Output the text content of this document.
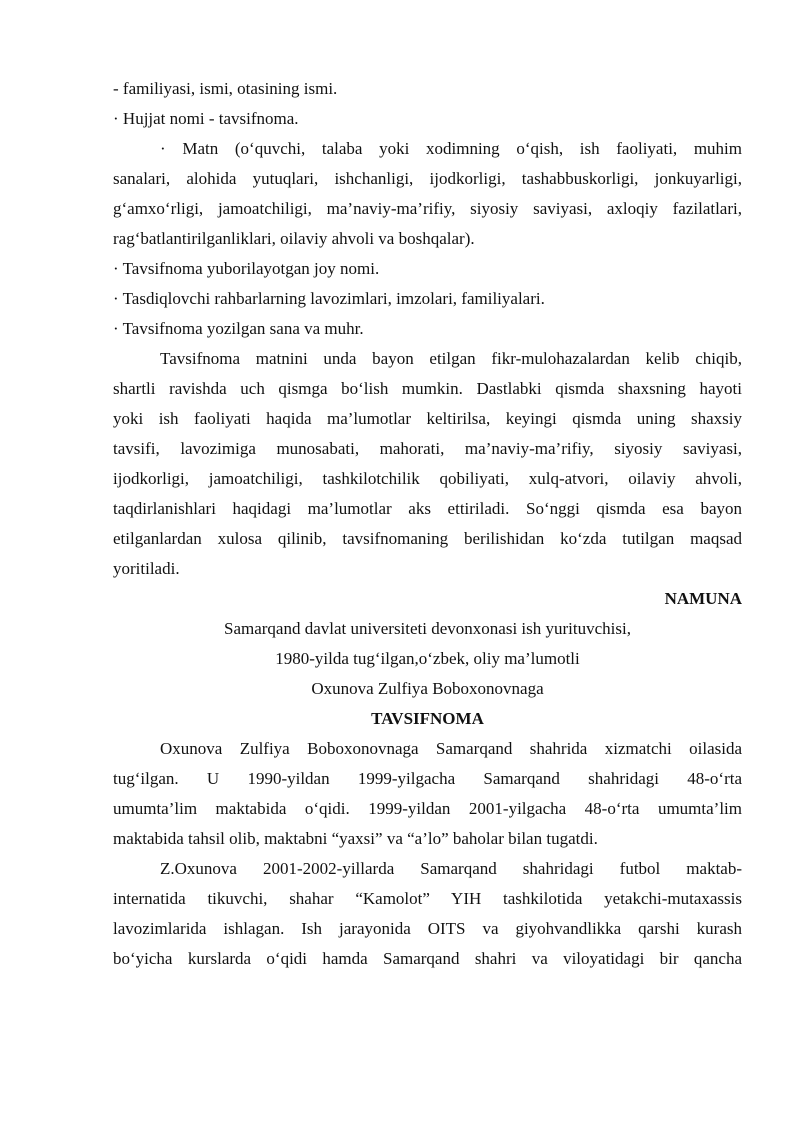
- familiyasi, ismi, otasining ismi.
· Hujjat nomi - tavsifnoma.
· Matn (o‘quvchi, talaba yoki xodimning o‘qish, ish faoliyati, muhim
sanalari, alohida yutuqlari, ishchanligi, ijodkorligi, tashabbuskorligi, jonkuyarligi,
g‘amxo‘rligi, jamoatchiligi, ma’naviy-ma’rifiy, siyosiy saviyasi, axloqiy fazilatlari,
rag‘batlantirilganliklari, oilaviy ahvoli va boshqalar).
· Tavsifnoma yuborilayotgan joy nomi.
· Tasdiqlovchi rahbarlarning lavozimlari, imzolari, familiyalari.
· Tavsifnoma yozilgan sana va muhr.
Tavsifnoma matnini unda bayon etilgan fikr-mulohazalardan kelib chiqib,
shartli ravishda uch qismga bo‘lish mumkin. Dastlabki qismda shaxsning hayoti
yoki ish faoliyati haqida ma’lumotlar keltirilsa, keyingi qismda uning shaxsiy
tavsifi, lavozimiga munosabati, mahorati, ma’naviy-ma’rifiy, siyosiy saviyasi,
ijodkorligi, jamoatchiligi, tashkilotchilik qobiliyati, xulq-atvori, oilaviy ahvoli,
taqdirlanishlari haqidagi ma’lumotlar aks ettiriladi. So‘nggi qismda esa bayon
etilganlardan xulosa qilinib, tavsifnomaning berilishidan ko‘zda tutilgan maqsad
yoritiladi.
NAMUNA
Samarqand davlat universiteti devonxonasi ish yurituvchisi,
1980-yilda tug‘ilgan,o‘zbek, oliy ma’lumotli
Oxunova Zulfiya Boboxonovnaga
TAVSIFNOMA
Oxunova Zulfiya Boboxonovnaga Samarqand shahrida xizmatchi oilasida
tug‘ilgan. U 1990-yildan 1999-yilgacha Samarqand shahridagi 48-o‘rta
umumta’lim maktabida o‘qidi. 1999-yildan 2001-yilgacha 48-o‘rta umumta’lim
maktabida tahsil olib, maktabni “yaxsi” va “a’lo” baholar bilan tugatdi.
Z.Oxunova 2001-2002-yillarda Samarqand shahridagi futbol maktab-
internatida tikuvchi, shahar “Kamolot” YIH tashkilotida yetakchi-mutaxassis
lavozimlarida ishlagan. Ish jarayonida OITS va giyohvandlikka qarshi kurash
bo‘yicha kurslarda o‘qidi hamda Samarqand shahri va viloyatidagi bir qancha
